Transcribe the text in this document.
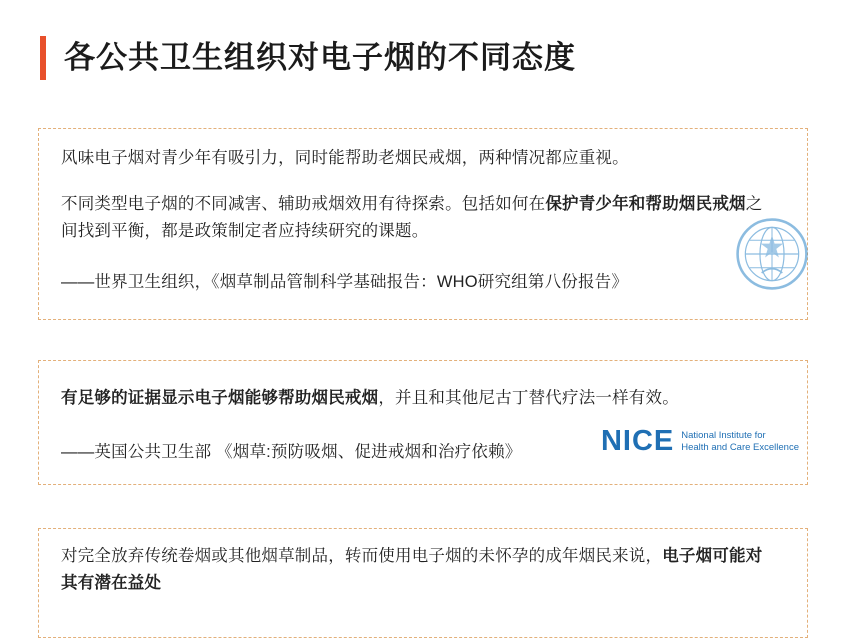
各公共卫生组织对电子烟的不同态度
风味电子烟对青少年有吸引力，同时能帮助老烟民戒烟，两种情况都应重视。
不同类型电子烟的不同减害、辅助戒烟效用有待探索。包括如何在保护青少年和帮助烟民戒烟之间找到平衡，都是政策制定者应持续研究的课题。
——世界卫生组织，《烟草制品管制科学基础报告：WHO研究组第八份报告》
有足够的证据显示电子烟能够帮助烟民戒烟，并且和其他尼古丁替代疗法一样有效。
——英国公共卫生部 《烟草:预防吸烟、促进戒烟和治疗依赖》	NICE National Institute for
Health and Care Excellence
对完全放弃传统卷烟或其他烟草制品，转而使用电子烟的未怀孕的成年烟民来说，电子烟可能对其有潜在益处
